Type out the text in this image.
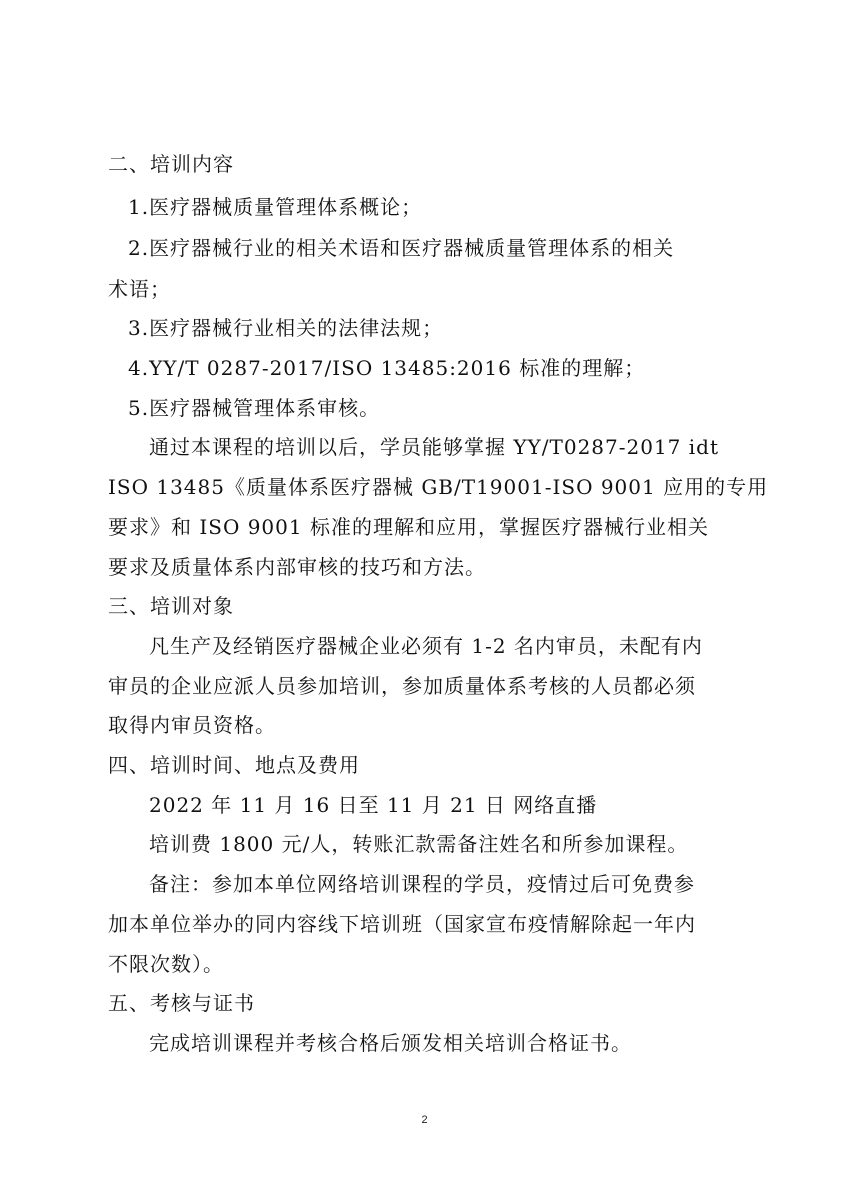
二、培训内容
1.医疗器械质量管理体系概论；
2.医疗器械行业的相关术语和医疗器械质量管理体系的相关
术语；
3.医疗器械行业相关的法律法规；
4.YY/T 0287-2017/ISO 13485:2016 标准的理解；
5.医疗器械管理体系审核。
通过本课程的培训以后，学员能够掌握 YY/T0287-2017 idt
ISO 13485《质量体系医疗器械 GB/T19001-ISO 9001 应用的专用
要求》和 ISO 9001 标准的理解和应用，掌握医疗器械行业相关
要求及质量体系内部审核的技巧和方法。
三、培训对象
凡生产及经销医疗器械企业必须有 1-2 名内审员，未配有内
审员的企业应派人员参加培训，参加质量体系考核的人员都必须
取得内审员资格。
四、培训时间、地点及费用
2022 年 11 月 16 日至 11 月 21 日 网络直播
培训费 1800 元/人，转账汇款需备注姓名和所参加课程。
备注：参加本单位网络培训课程的学员，疫情过后可免费参
加本单位举办的同内容线下培训班（国家宣布疫情解除起一年内
不限次数）。
五、考核与证书
完成培训课程并考核合格后颁发相关培训合格证书。
2
